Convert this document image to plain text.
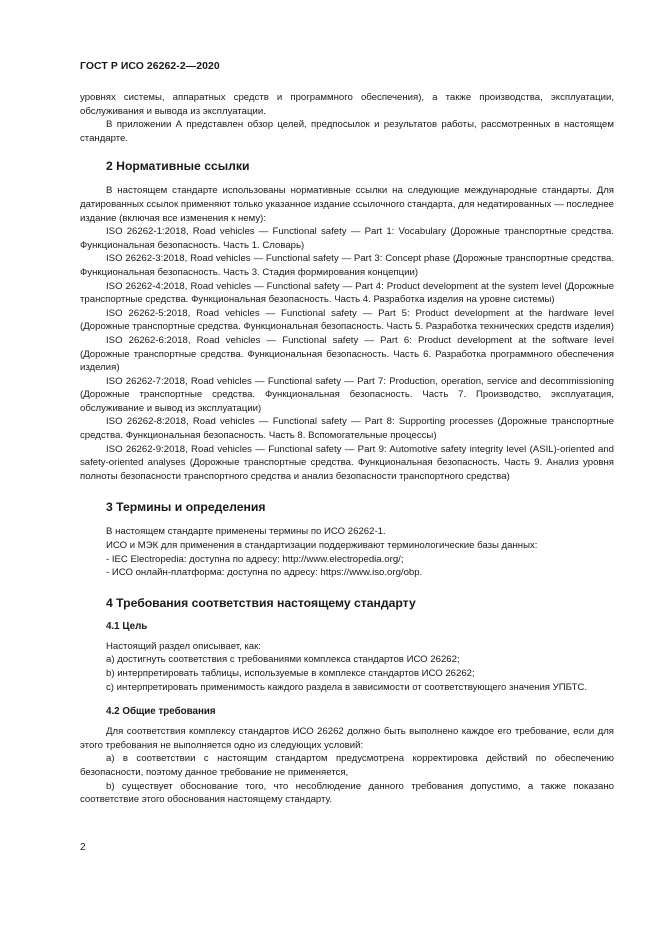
ГОСТ Р ИСО 26262-2—2020

уровнях системы, аппаратных средств и программного обеспечения), а также производства, эксплуатации, обслуживания и вывода из эксплуатации.

В приложении А представлен обзор целей, предпосылок и результатов работы, рассмотренных в настоящем стандарте.

2 Нормативные ссылки

В настоящем стандарте использованы нормативные ссылки на следующие международные стандарты. Для датированных ссылок применяют только указанное издание ссылочного стандарта, для недатированных — последнее издание (включая все изменения к нему):

ISO 26262-1:2018, Road vehicles — Functional safety — Part 1: Vocabulary (Дорожные транспортные средства. Функциональная безопасность. Часть 1. Словарь)

ISO 26262-3:2018, Road vehicles — Functional safety — Part 3: Concept phase (Дорожные транспортные средства. Функциональная безопасность. Часть 3. Стадия формирования концепции)

ISO 26262-4:2018, Road vehicles — Functional safety — Part 4: Product development at the system level (Дорожные транспортные средства. Функциональная безопасность. Часть 4. Разработка изделия на уровне системы)

ISO 26262-5:2018, Road vehicles — Functional safety — Part 5: Product development at the hardware level (Дорожные транспортные средства. Функциональная безопасность. Часть 5. Разработка технических средств изделия)

ISO 26262-6:2018, Road vehicles — Functional safety — Part 6: Product development at the software level (Дорожные транспортные средства. Функциональная безопасность. Часть 6. Разработка программного обеспечения изделия)

ISO 26262-7:2018, Road vehicles — Functional safety — Part 7: Production, operation, service and decommissioning (Дорожные транспортные средства. Функциональная безопасность. Часть 7. Производство, эксплуатация, обслуживание и вывод из эксплуатации)

ISO 26262-8:2018, Road vehicles — Functional safety — Part 8: Supporting processes (Дорожные транспортные средства. Функциональная безопасность. Часть 8. Вспомогательные процессы)

ISO 26262-9:2018, Road vehicles — Functional safety — Part 9: Automotive safety integrity level (ASIL)-oriented and safety-oriented analyses (Дорожные транспортные средства. Функциональная безопасность. Часть 9. Анализ уровня полноты безопасности транспортного средства и анализ безопасности транспортного средства)

3 Термины и определения

В настоящем стандарте применены термины по ИСО 26262-1.

ИСО и МЭК для применения в стандартизации поддерживают терминологические базы данных:

- IEC Electropedia: доступна по адресу: http://www.electropedia.org/;

- ИСО онлайн-платформа: доступна по адресу: https://www.iso.org/obp.

4 Требования соответствия настоящему стандарту
4.1 Цель

Настоящий раздел описывает, как:

а) достигнуть соответствия с требованиями комплекса стандартов ИСО 26262;

b) интерпретировать таблицы, используемые в комплексе стандартов ИСО 26262;

c) интерпретировать применимость каждого раздела в зависимости от соответствующего значения УПБТС.

4.2 Общие требования

Для соответствия комплексу стандартов ИСО 26262 должно быть выполнено каждое его требование, если для этого требования не выполняется одно из следующих условий:

а) в соответствии с настоящим стандартом предусмотрена корректировка действий по обеспечению безопасности, поэтому данное требование не применяется,

b) существует обоснование того, что несоблюдение данного требования допустимо, а также показано соответствие этого обоснования настоящему стандарту.

2
